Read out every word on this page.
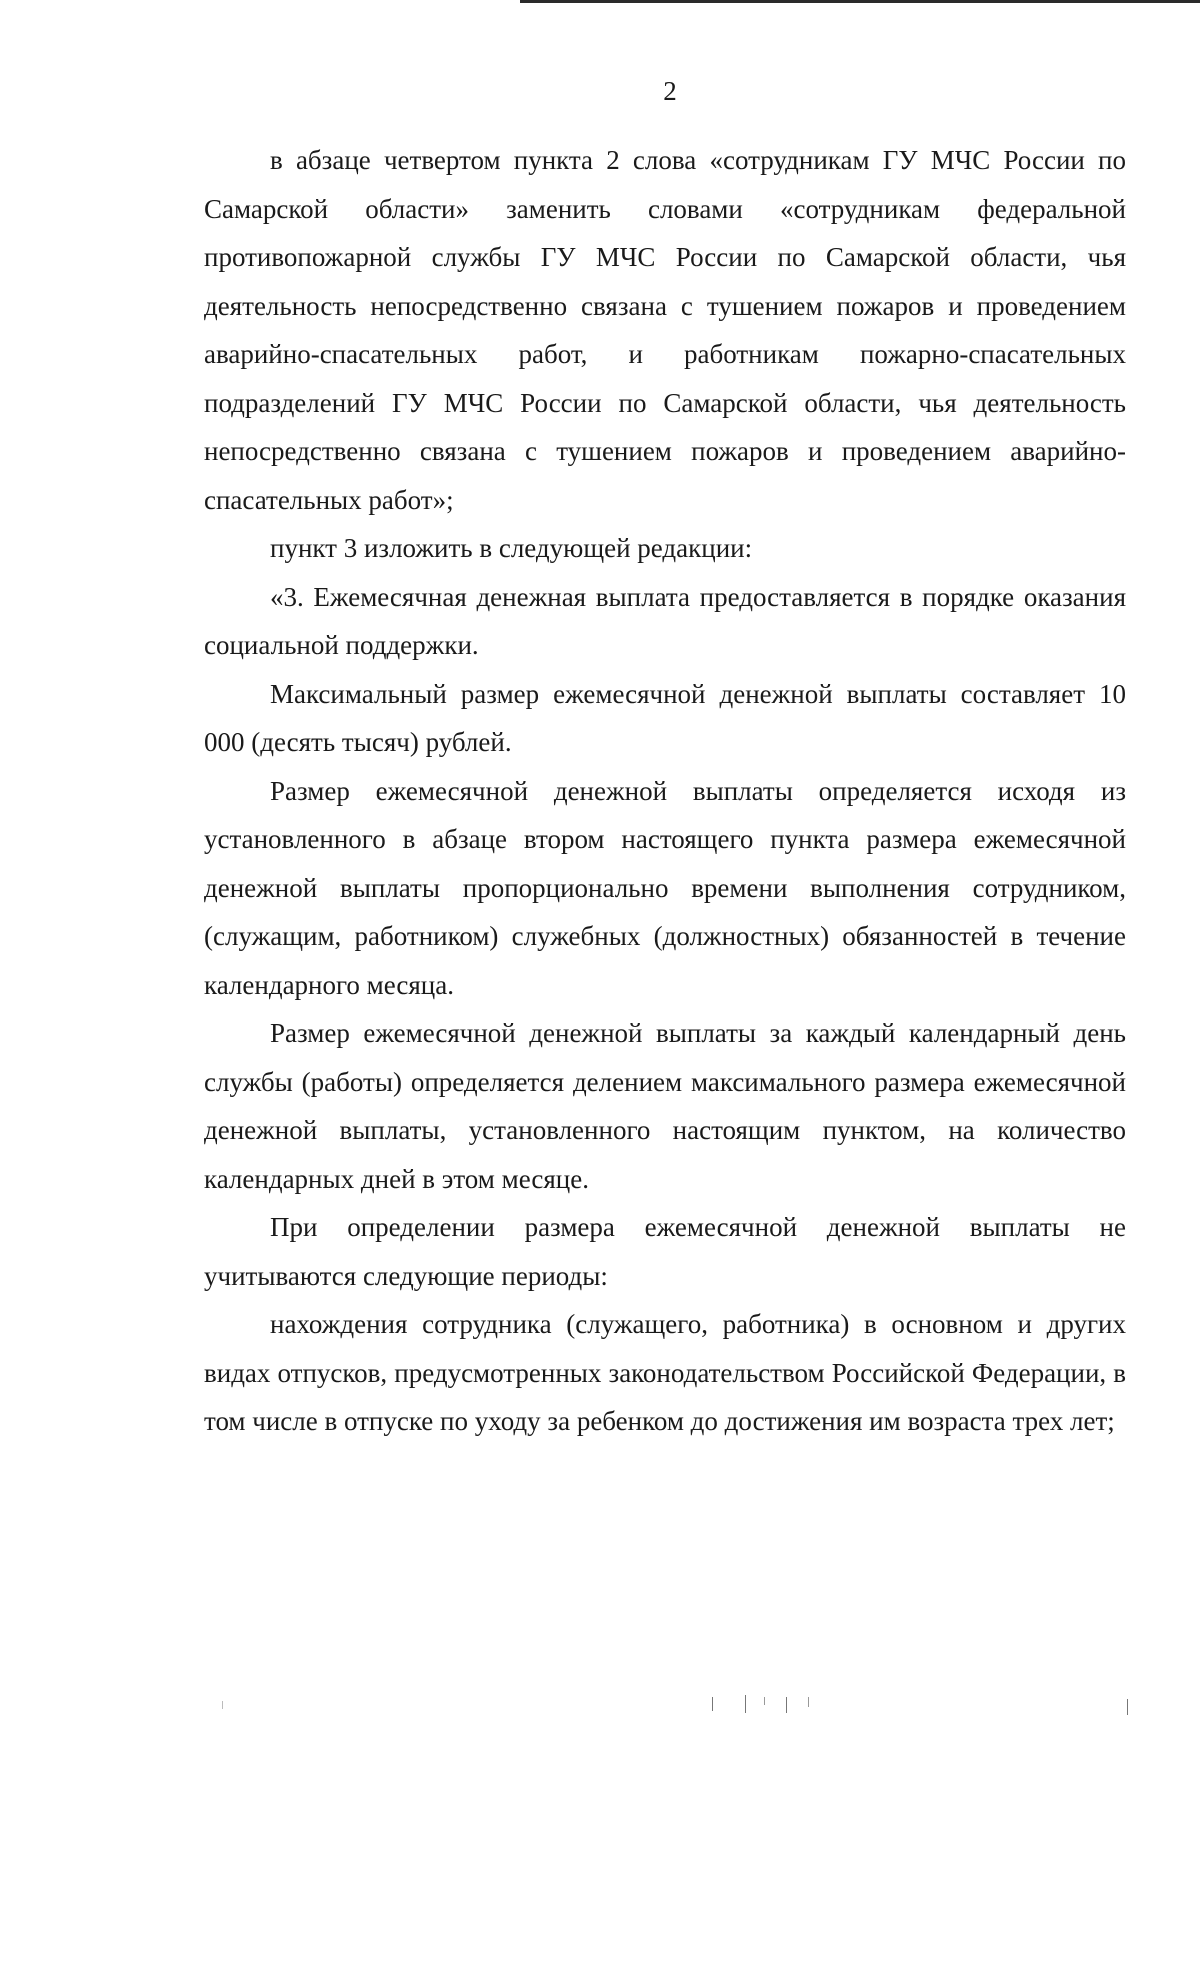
2

в абзаце четвертом пункта 2 слова «сотрудникам ГУ МЧС России по Самарской области» заменить словами «сотрудникам федеральной противопожарной службы ГУ МЧС России по Самарской области, чья деятельность непосредственно связана с тушением пожаров и проведением аварийно-спасательных работ, и работникам пожарно-спасательных подразделений ГУ МЧС России по Самарской области, чья деятельность непосредственно связана с тушением пожаров и проведением аварийно-спасательных работ»;

пункт 3 изложить в следующей редакции:

«3. Ежемесячная денежная выплата предоставляется в порядке оказания социальной поддержки.

Максимальный размер ежемесячной денежной выплаты составляет 10 000 (десять тысяч) рублей.

Размер ежемесячной денежной выплаты определяется исходя из установленного в абзаце втором настоящего пункта размера ежемесячной денежной выплаты пропорционально времени выполнения сотрудником, (служащим, работником) служебных (должностных) обязанностей в течение календарного месяца.

Размер ежемесячной денежной выплаты за каждый календарный день службы (работы) определяется делением максимального размера ежемесячной денежной выплаты, установленного настоящим пунктом, на количество календарных дней в этом месяце.

При определении размера ежемесячной денежной выплаты не учитываются следующие периоды:

нахождения сотрудника (служащего, работника) в основном и других видах отпусков, предусмотренных законодательством Российской Федерации, в том числе в отпуске по уходу за ребенком до достижения им возраста трех лет;
